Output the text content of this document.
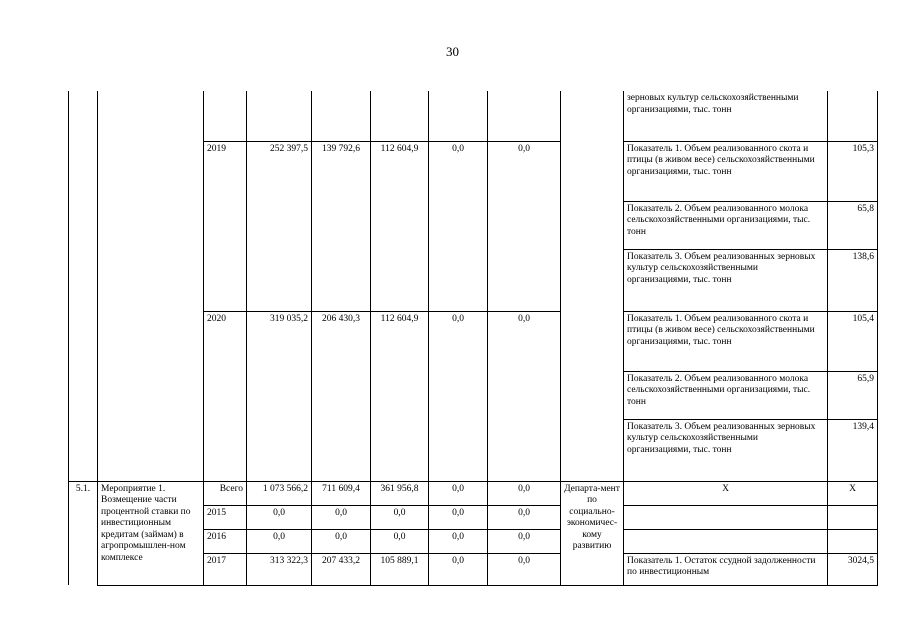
30
									зерновых культур сельскохозяйственными организациями, тыс. тонн	
		2019	252 397,5	139 792,6	112 604,9	0,0	0,0		Показатель 1. Объем реализованного скота и птицы (в живом весе) сельскохозяйственными организациями, тыс. тонн	105,3
									Показатель 2. Объем реализованного молока сельскохозяйственными организациями, тыс. тонн	65,8
									Показатель 3. Объем реализованных зерновых культур сельскохозяйственными организациями, тыс. тонн	138,6
		2020	319 035,2	206 430,3	112 604,9	0,0	0,0		Показатель 1. Объем реализованного скота и птицы (в живом весе) сельскохозяйственными организациями, тыс. тонн	105,4
									Показатель 2. Объем реализованного молока сельскохозяйственными организациями, тыс. тонн	65,9
									Показатель 3. Объем реализованных зерновых культур сельскохозяйственными организациями, тыс. тонн	139,4
5.1.	Мероприятие 1. Возмещение части процентной ставки по инвестиционным кредитам (займам) в агропромышлен-ном комплексе	Всего	1 073 566,2	711 609,4	361 956,8	0,0	0,0	Департа-мент по социально-экономичес-кому развитию	X	X
		2015	0,0	0,0	0,0	0,0	0,0			
		2016	0,0	0,0	0,0	0,0	0,0			
		2017	313 322,3	207 433,2	105 889,1	0,0	0,0		Показатель 1. Остаток ссудной задолженности по инвестиционным	3024,5
